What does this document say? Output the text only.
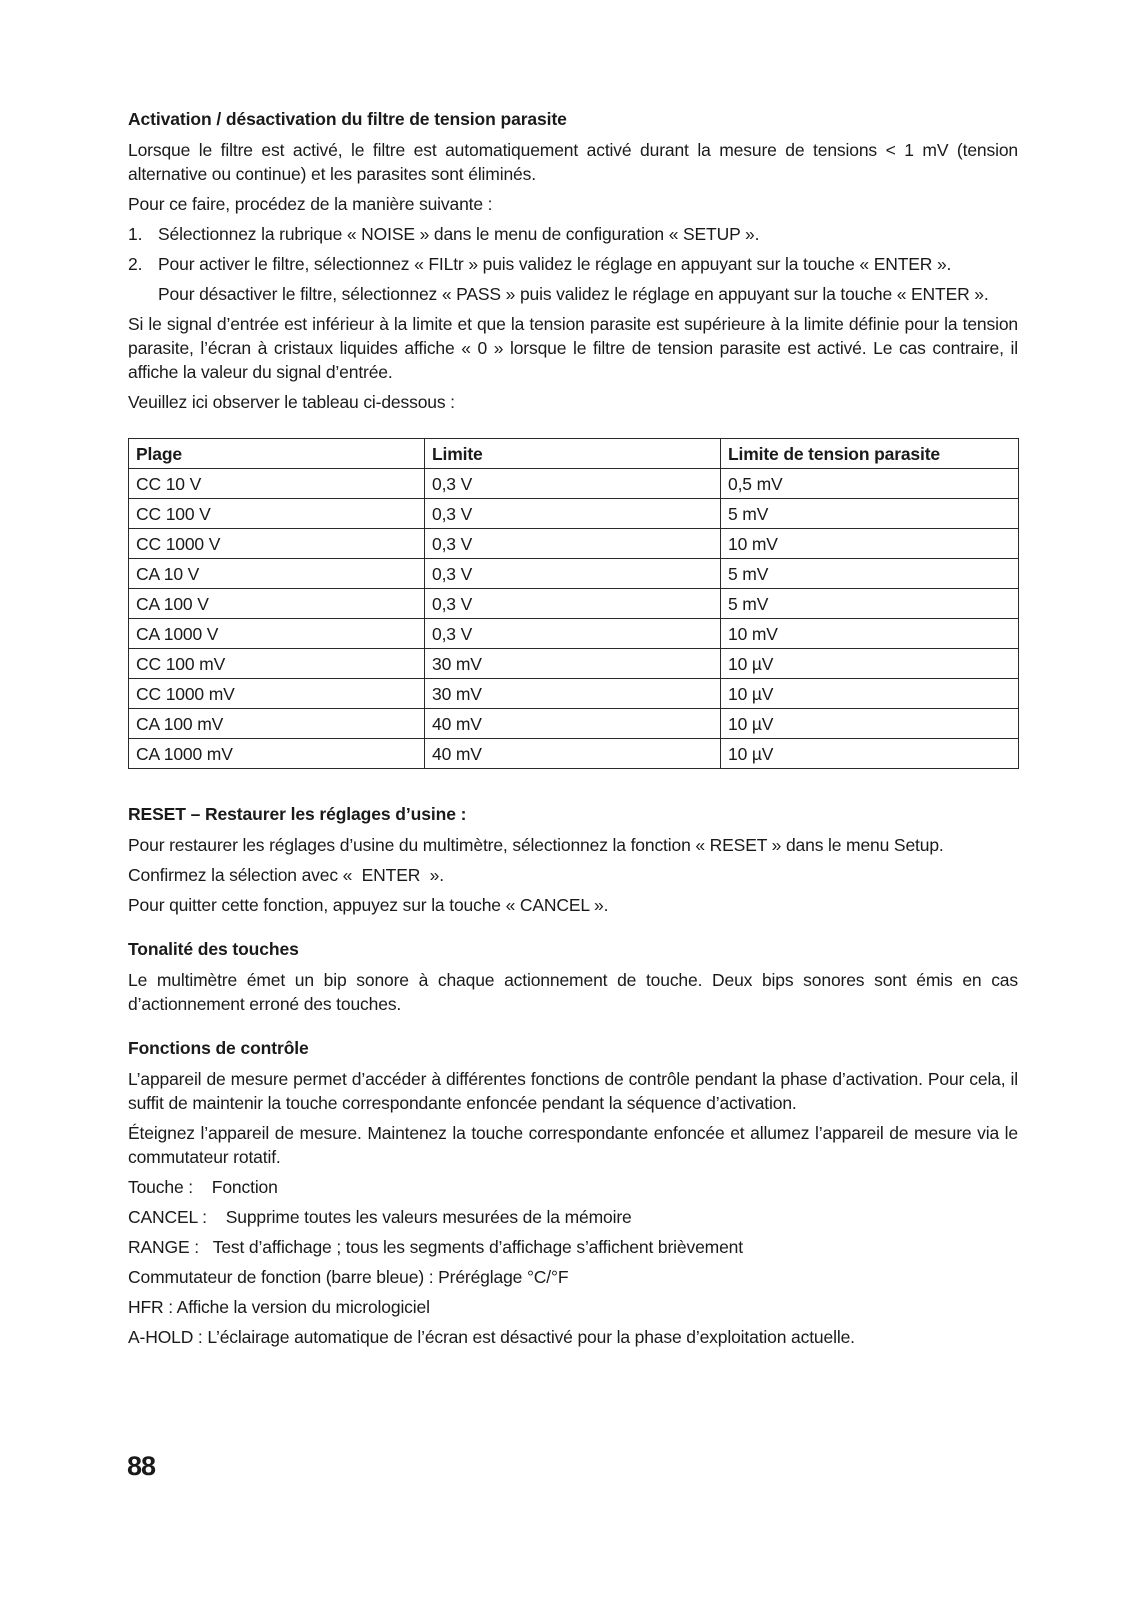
Activation / désactivation du filtre de tension parasite

Lorsque le filtre est activé, le filtre est automatiquement activé durant la mesure de tensions < 1 mV (tension alternative ou continue) et les parasites sont éliminés.

Pour ce faire, procédez de la manière suivante :

1. Sélectionnez la rubrique « NOISE » dans le menu de configuration « SETUP ».
2. Pour activer le filtre, sélectionnez « FILtr » puis validez le réglage en appuyant sur la touche « ENTER ».
Pour désactiver le filtre, sélectionnez « PASS » puis validez le réglage en appuyant sur la touche « ENTER ».

Si le signal d’entrée est inférieur à la limite et que la tension parasite est supérieure à la limite définie pour la tension parasite, l’écran à cristaux liquides affiche « 0 » lorsque le filtre de tension parasite est activé. Le cas contraire, il affiche la valeur du signal d’entrée.

Veuillez ici observer le tableau ci-dessous :

Plage	Limite	Limite de tension parasite
CC 10 V	0,3 V	0,5 mV
CC 100 V	0,3 V	5 mV
CC 1000 V	0,3 V	10 mV
CA 10 V	0,3 V	5 mV
CA 100 V	0,3 V	5 mV
CA 1000 V	0,3 V	10 mV
CC 100 mV	30 mV	10 µV
CC 1000 mV	30 mV	10 µV
CA 100 mV	40 mV	10 µV
CA 1000 mV	40 mV	10 µV
RESET – Restaurer les réglages d’usine :

Pour restaurer les réglages d’usine du multimètre, sélectionnez la fonction « RESET » dans le menu Setup.

Confirmez la sélection avec «  ENTER  ».

Pour quitter cette fonction, appuyez sur la touche « CANCEL ».

Tonalité des touches

Le multimètre émet un bip sonore à chaque actionnement de touche. Deux bips sonores sont émis en cas d’actionnement erroné des touches.

Fonctions de contrôle

L’appareil de mesure permet d’accéder à différentes fonctions de contrôle pendant la phase d’activation. Pour cela, il suffit de maintenir la touche correspondante enfoncée pendant la séquence d’activation.

Éteignez l’appareil de mesure. Maintenez la touche correspondante enfoncée et allumez l’appareil de mesure via le commutateur rotatif.

Touche :    Fonction

CANCEL :    Supprime toutes les valeurs mesurées de la mémoire

RANGE :   Test d’affichage ; tous les segments d’affichage s’affichent brièvement

Commutateur de fonction (barre bleue) : Préréglage °C/°F

HFR : Affiche la version du micrologiciel

A-HOLD : L’éclairage automatique de l’écran est désactivé pour la phase d’exploitation actuelle.

88
